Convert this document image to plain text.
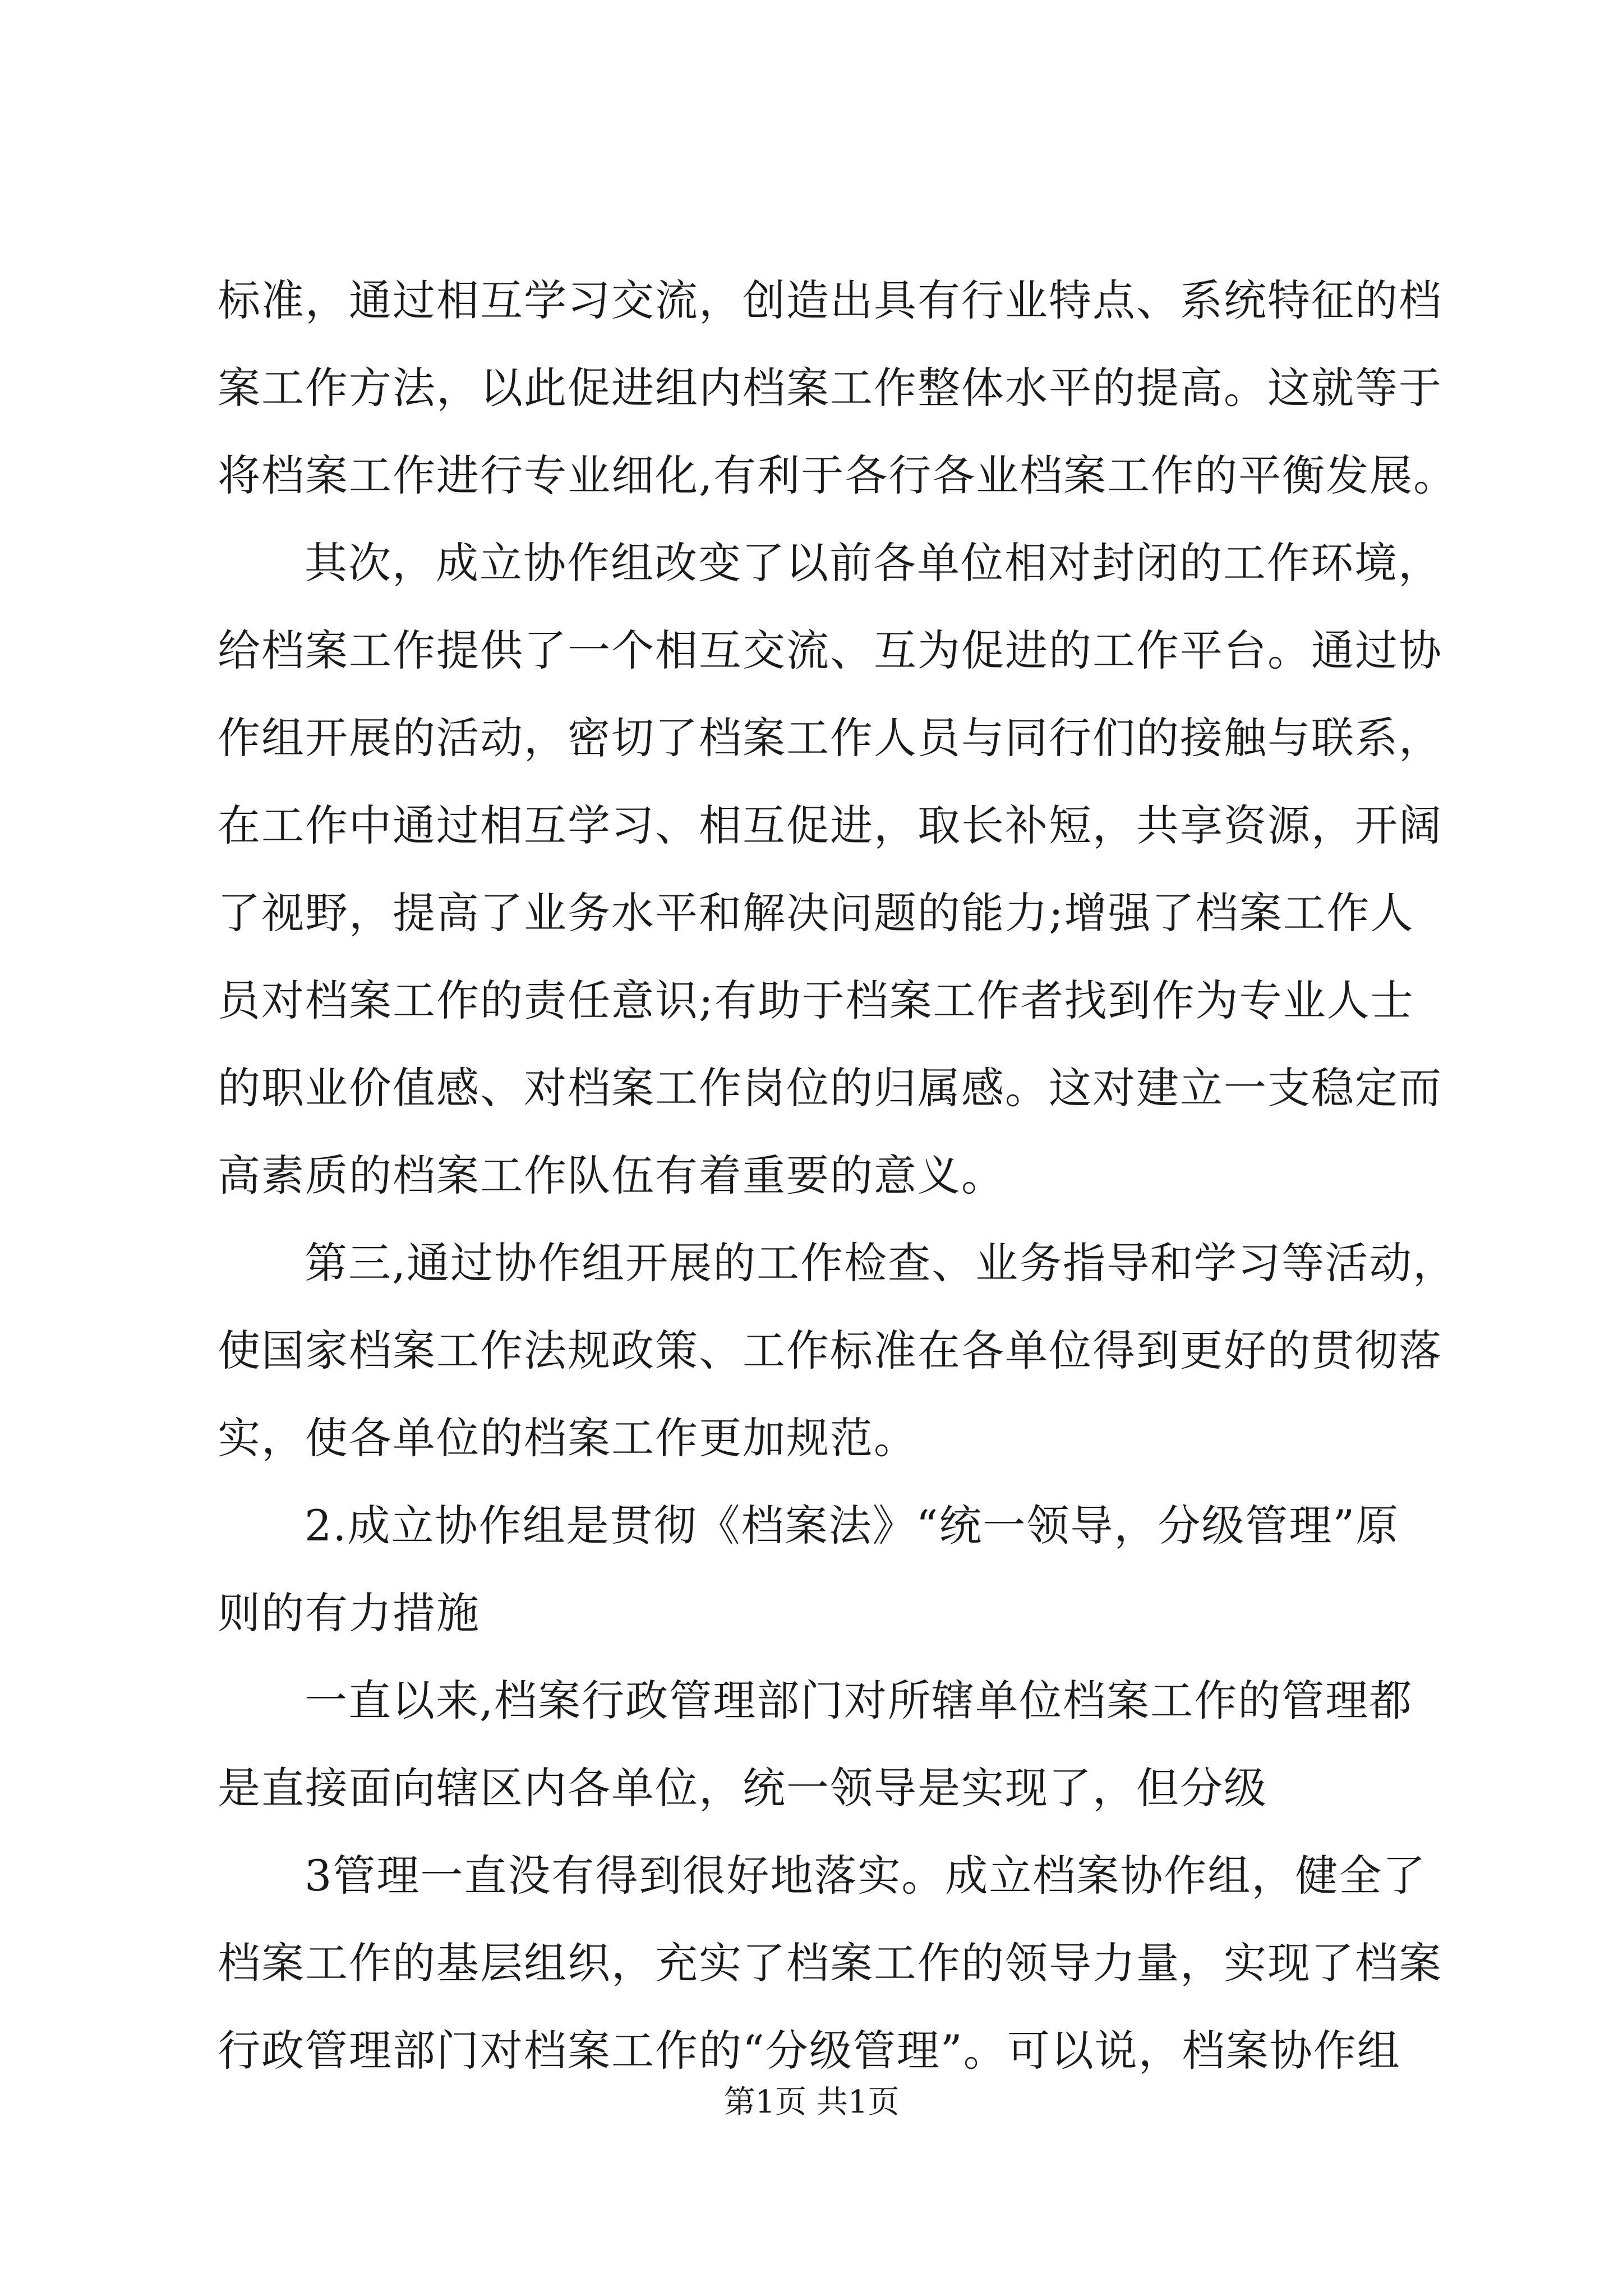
标准，通过相互学习交流，创造出具有行业特点、系统特征的档
案工作方法，以此促进组内档案工作整体水平的提高。这就等于
将档案工作进行专业细化,有利于各行各业档案工作的平衡发展。
其次，成立协作组改变了以前各单位相对封闭的工作环境，
给档案工作提供了一个相互交流、互为促进的工作平台。通过协
作组开展的活动，密切了档案工作人员与同行们的接触与联系，
在工作中通过相互学习、相互促进，取长补短，共享资源，开阔
了视野，提高了业务水平和解决问题的能力;增强了档案工作人
员对档案工作的责任意识;有助于档案工作者找到作为专业人士
的职业价值感、对档案工作岗位的归属感。这对建立一支稳定而
高素质的档案工作队伍有着重要的意义。
第三,通过协作组开展的工作检查、业务指导和学习等活动，
使国家档案工作法规政策、工作标准在各单位得到更好的贯彻落
实，使各单位的档案工作更加规范。
2.成立协作组是贯彻《档案法》“统一领导，分级管理”原
则的有力措施
一直以来,档案行政管理部门对所辖单位档案工作的管理都
是直接面向辖区内各单位，统一领导是实现了，但分级
3管理一直没有得到很好地落实。成立档案协作组，健全了
档案工作的基层组织，充实了档案工作的领导力量，实现了档案
行政管理部门对档案工作的“分级管理”。可以说，档案协作组
第1页 共1页
